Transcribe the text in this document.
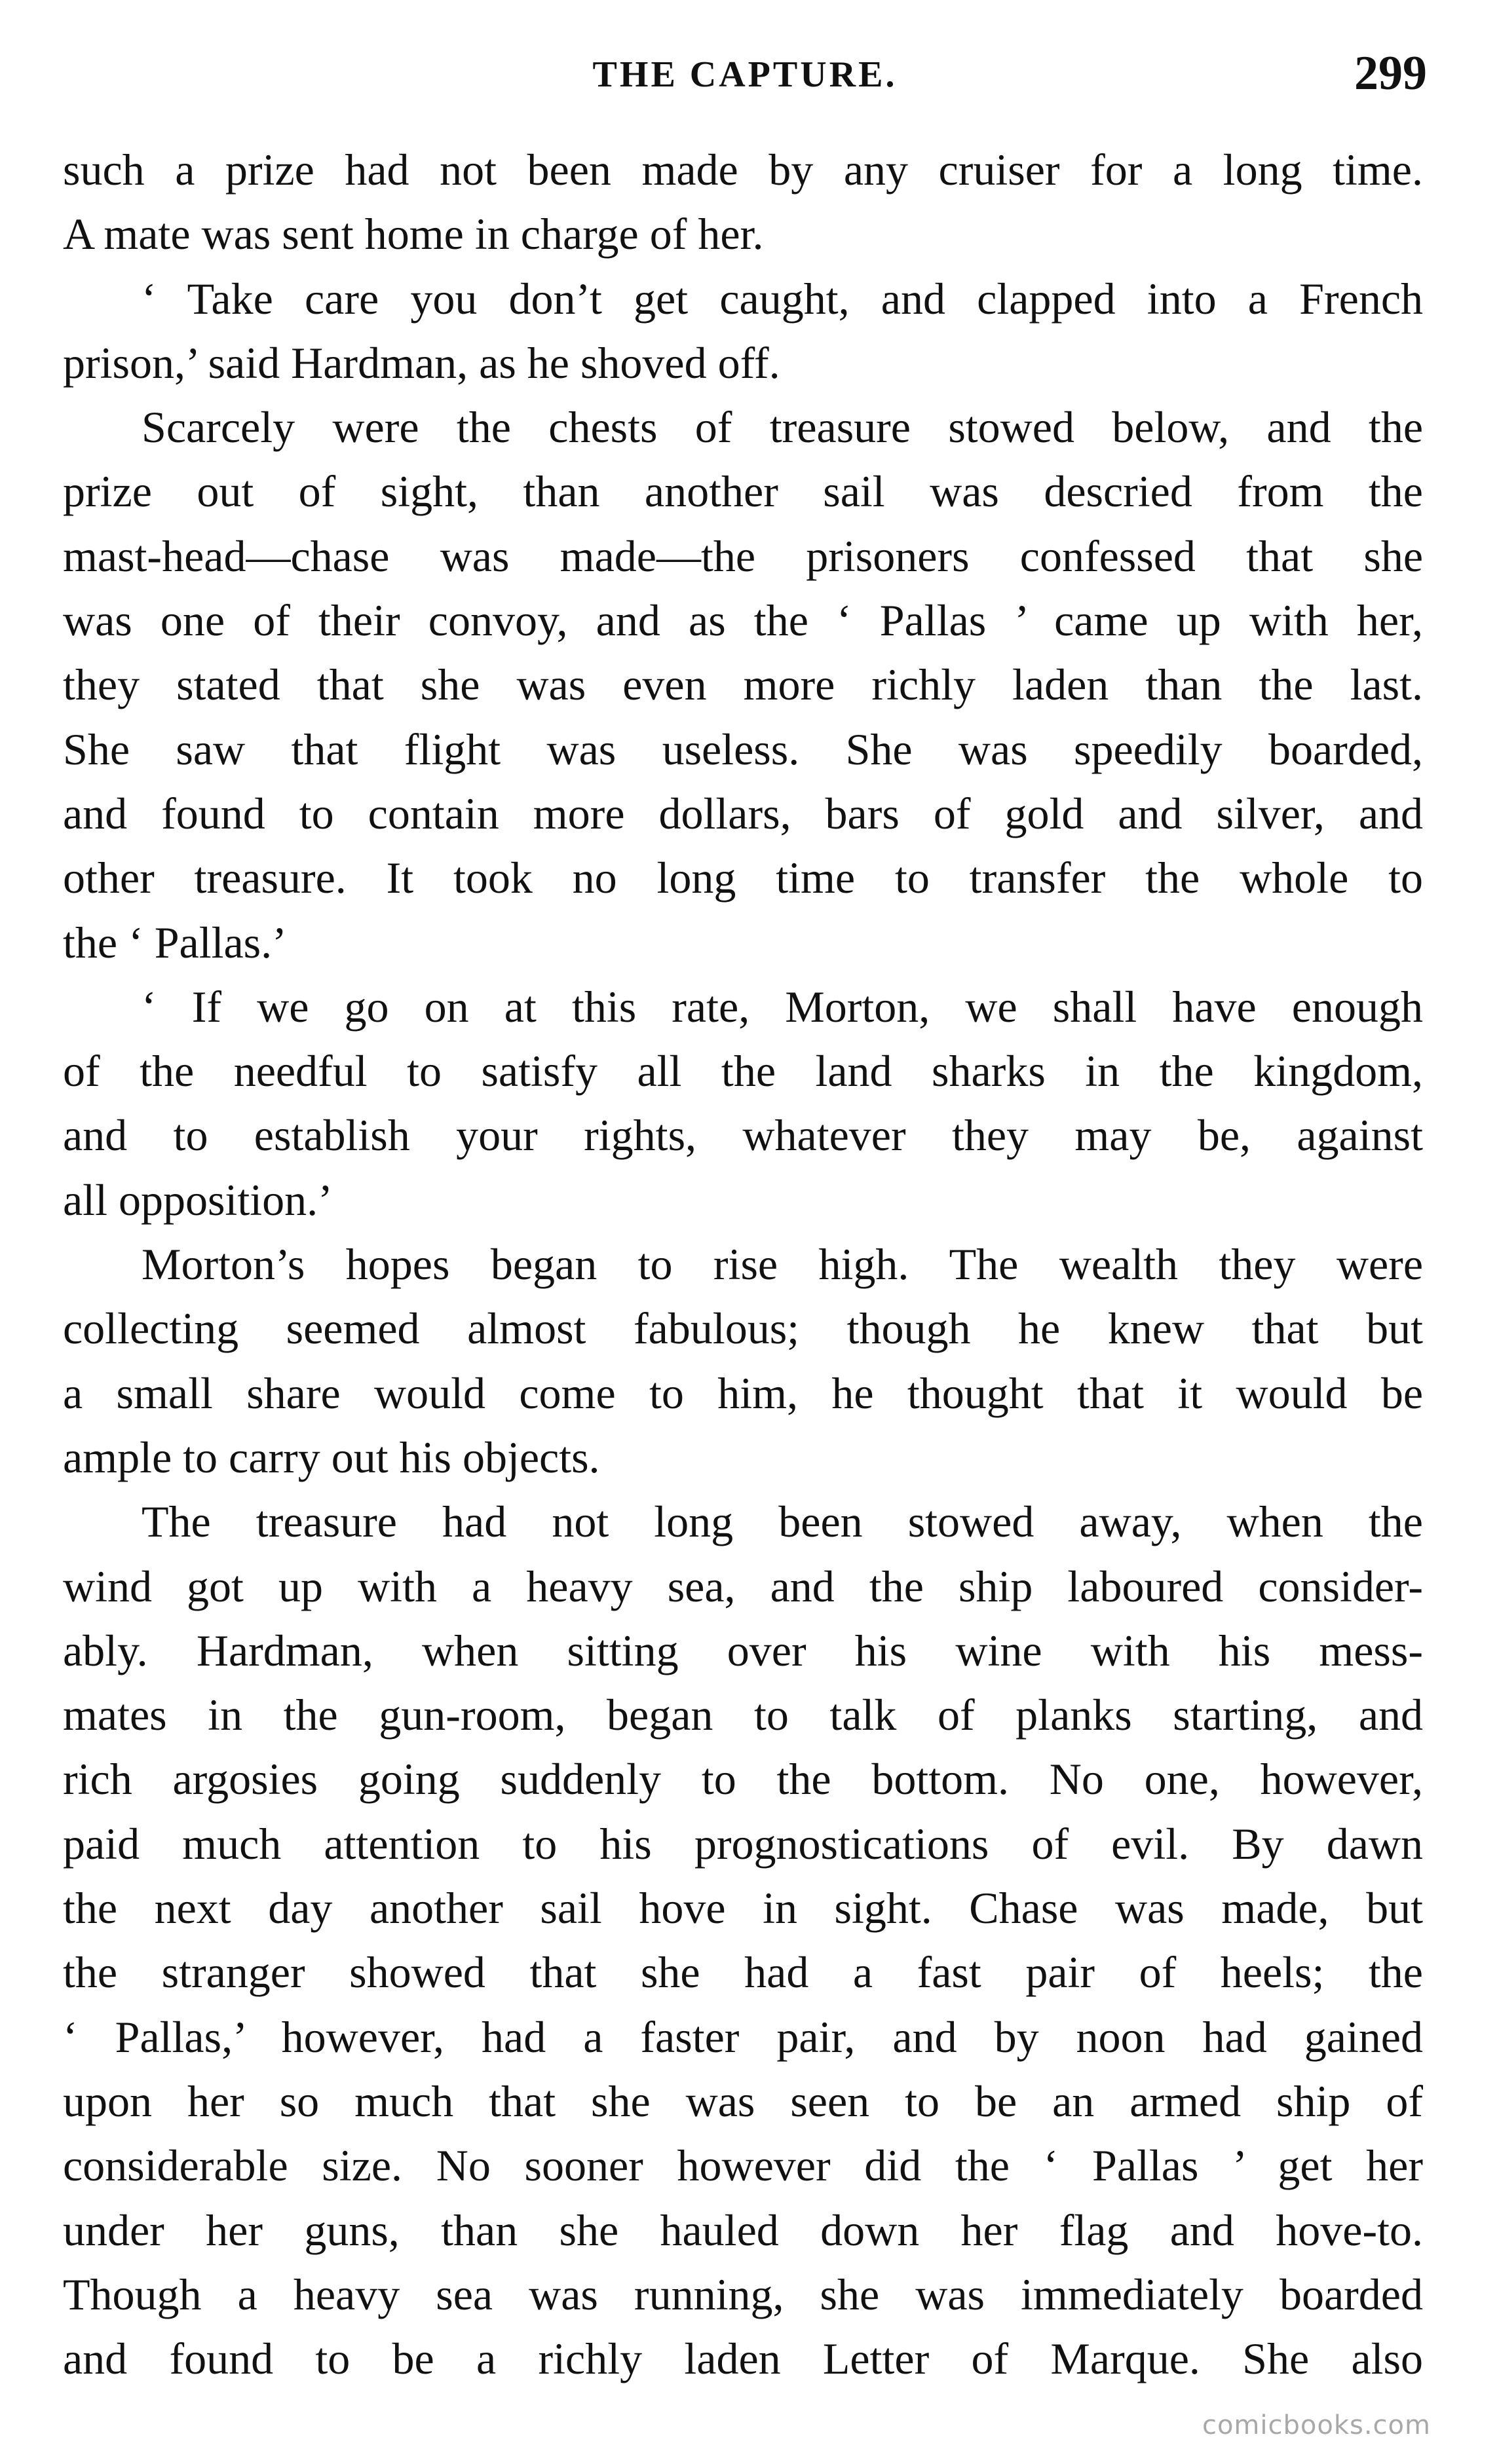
THE CAPTURE.	299
such a prize had not been made by any cruiser for a long time.
A mate was sent home in charge of her.
‘ Take care you don’t get caught, and clapped into a French
prison,’ said Hardman, as he shoved off.
Scarcely were the chests of treasure stowed below, and the
prize out of sight, than another sail was descried from the
mast-head—chase was made—the prisoners confessed that she
was one of their convoy, and as the ‘ Pallas ’ came up with her,
they stated that she was even more richly laden than the last.
She saw that flight was useless. She was speedily boarded,
and found to contain more dollars, bars of gold and silver, and
other treasure. It took no long time to transfer the whole to
the ‘ Pallas.’
‘ If we go on at this rate, Morton, we shall have enough
of the needful to satisfy all the land sharks in the kingdom,
and to establish your rights, whatever they may be, against
all opposition.’
Morton’s hopes began to rise high. The wealth they were
collecting seemed almost fabulous; though he knew that but
a small share would come to him, he thought that it would be
ample to carry out his objects.
The treasure had not long been stowed away, when the
wind got up with a heavy sea, and the ship laboured consider-
ably. Hardman, when sitting over his wine with his mess-
mates in the gun-room, began to talk of planks starting, and
rich argosies going suddenly to the bottom. No one, however,
paid much attention to his prognostications of evil. By dawn
the next day another sail hove in sight. Chase was made, but
the stranger showed that she had a fast pair of heels; the
‘ Pallas,’ however, had a faster pair, and by noon had gained
upon her so much that she was seen to be an armed ship of
considerable size. No sooner however did the ‘ Pallas ’ get her
under her guns, than she hauled down her flag and hove-to.
Though a heavy sea was running, she was immediately boarded
and found to be a richly laden Letter of Marque. She also
comicbooks.com
